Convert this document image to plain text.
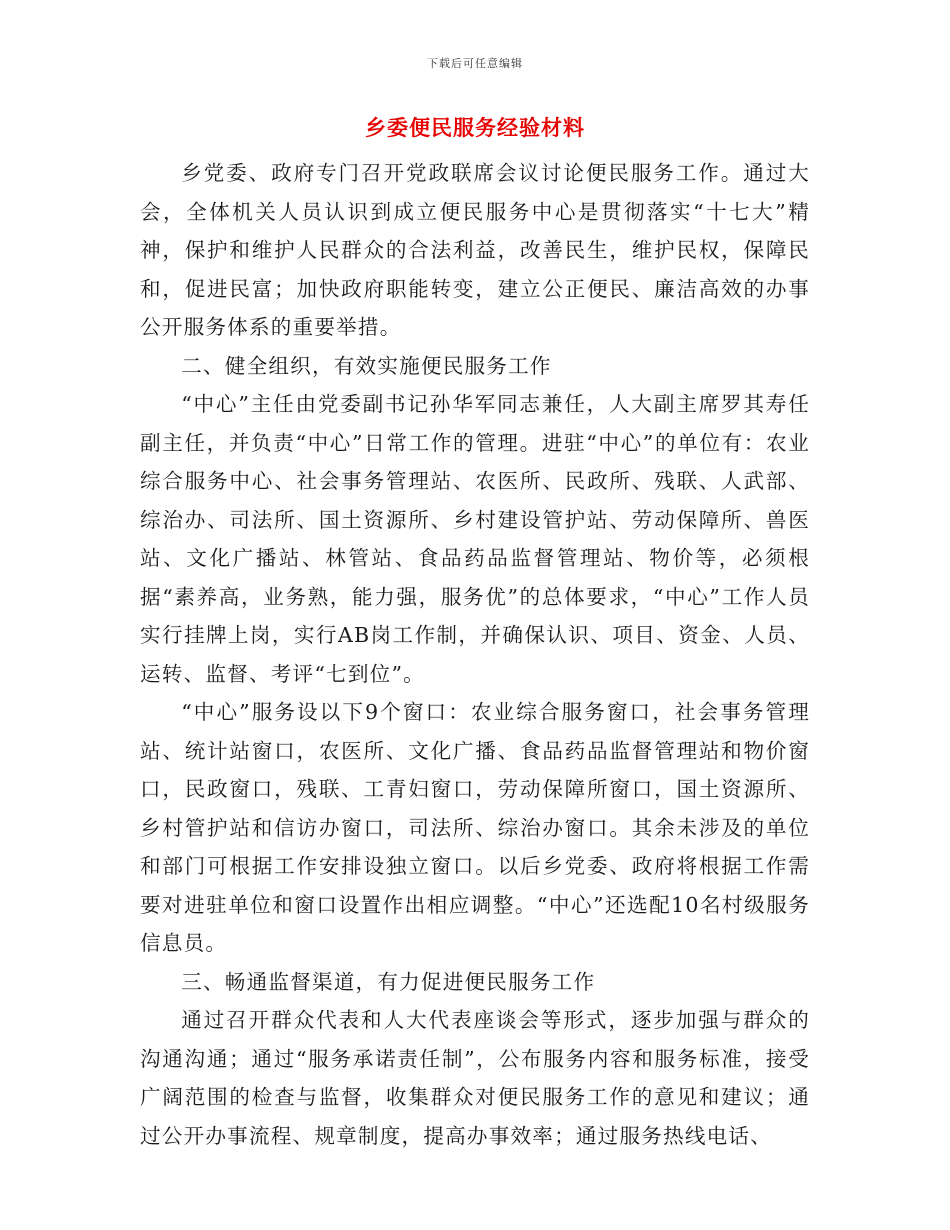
下载后可任意编辑
乡委便民服务经验材料

乡党委、政府专门召开党政联席会议讨论便民服务工作。通过大会，全体机关人员认识到成立便民服务中心是贯彻落实“十七大”精神，保护和维护人民群众的合法利益，改善民生，维护民权，保障民和，促进民富；加快政府职能转变，建立公正便民、廉洁高效的办事公开服务体系的重要举措。

二、健全组织，有效实施便民服务工作

“中心”主任由党委副书记孙华军同志兼任，人大副主席罗其寿任副主任，并负责“中心”日常工作的管理。进驻“中心”的单位有：农业综合服务中心、社会事务管理站、农医所、民政所、残联、人武部、综治办、司法所、国土资源所、乡村建设管护站、劳动保障所、兽医站、文化广播站、林管站、食品药品监督管理站、物价等，必须根据“素养高，业务熟，能力强，服务优”的总体要求，“中心”工作人员实行挂牌上岗，实行AB岗工作制，并确保认识、项目、资金、人员、运转、监督、考评“七到位”。

“中心”服务设以下9个窗口：农业综合服务窗口，社会事务管理站、统计站窗口，农医所、文化广播、食品药品监督管理站和物价窗口，民政窗口，残联、工青妇窗口，劳动保障所窗口，国土资源所、乡村管护站和信访办窗口，司法所、综治办窗口。其余未涉及的单位和部门可根据工作安排设独立窗口。以后乡党委、政府将根据工作需要对进驻单位和窗口设置作出相应调整。“中心”还选配10名村级服务信息员。

三、畅通监督渠道，有力促进便民服务工作

通过召开群众代表和人大代表座谈会等形式，逐步加强与群众的沟通沟通；通过“服务承诺责任制”，公布服务内容和服务标准，接受广阔范围的检查与监督，收集群众对便民服务工作的意见和建议；通过公开办事流程、规章制度，提高办事效率；通过服务热线电话、
